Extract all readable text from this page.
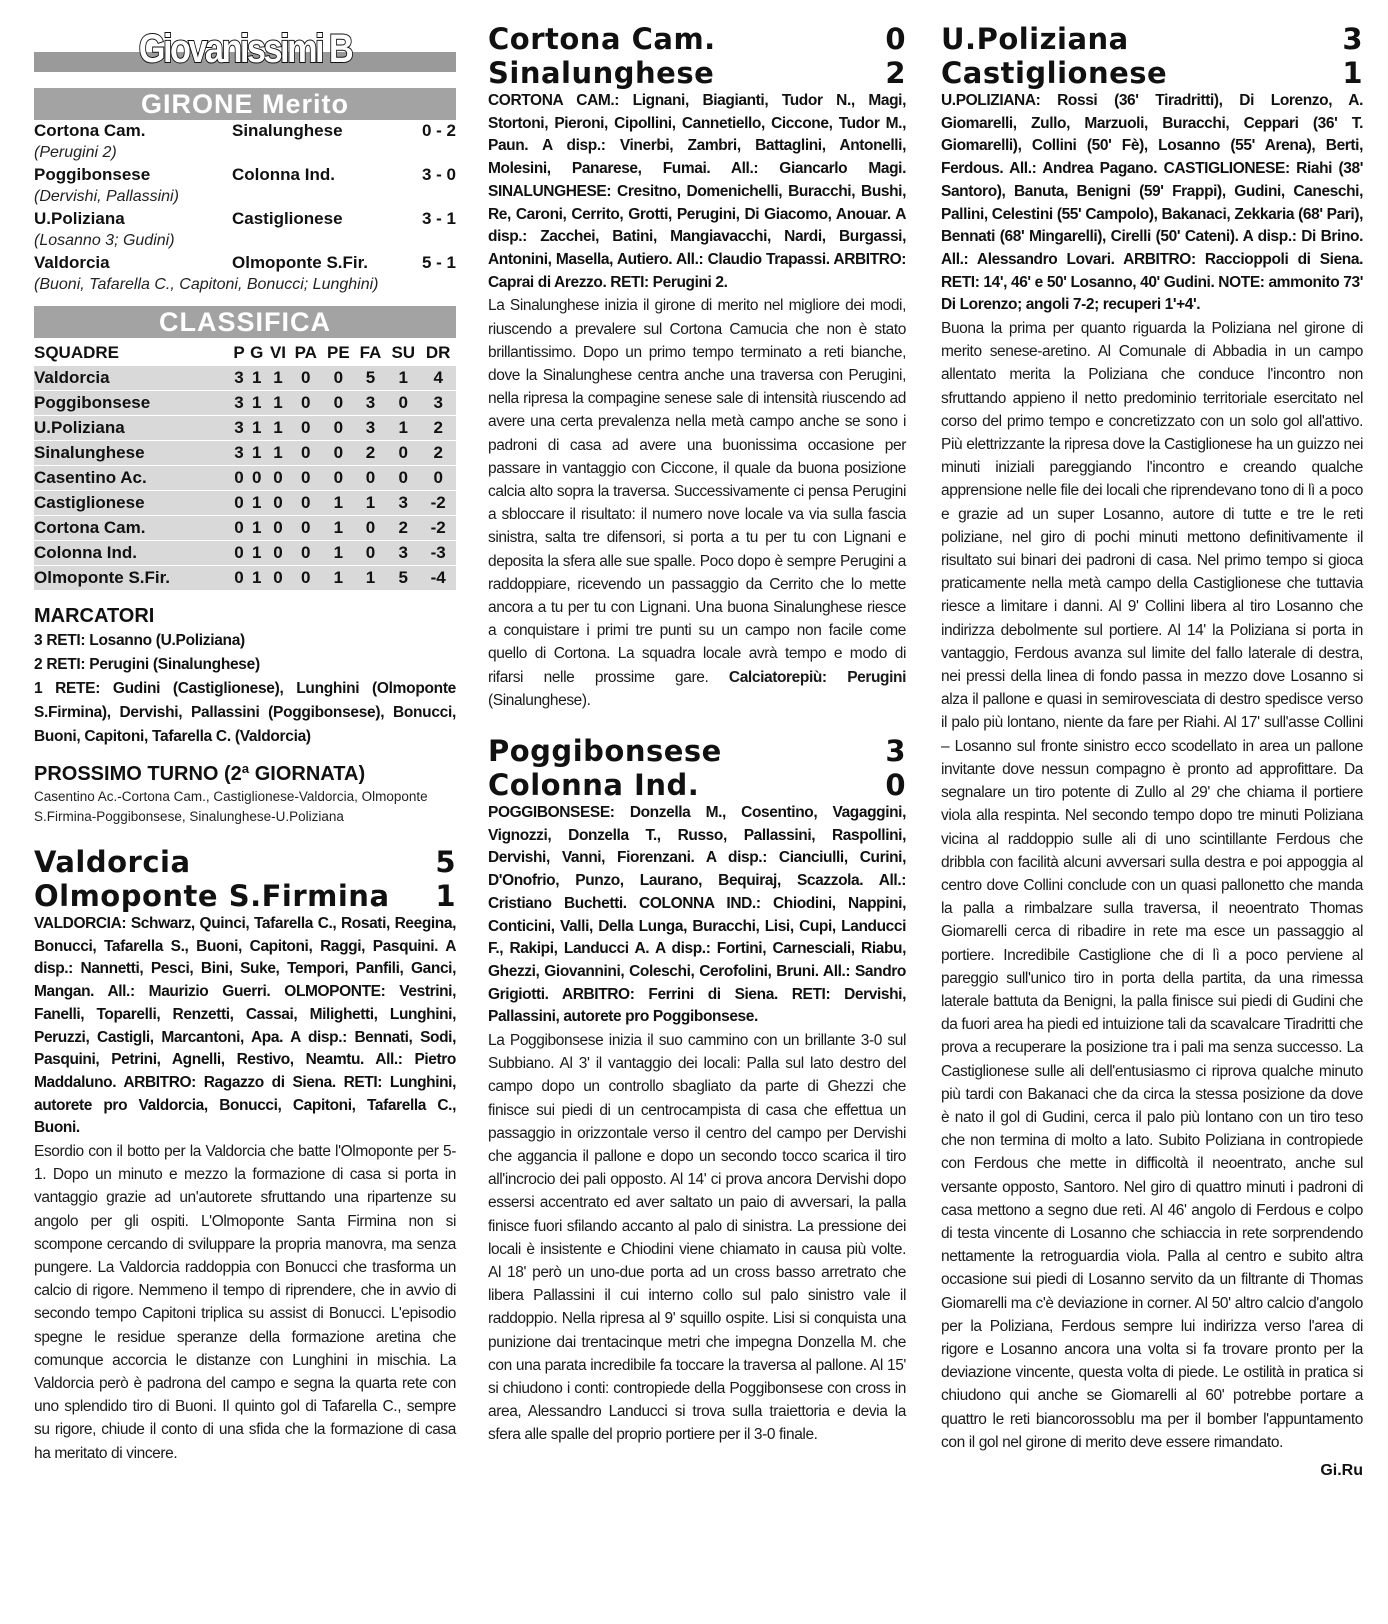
Giovanissimi B
GIRONE Merito
Cortona Cam.	Sinalunghese	0 - 2
(Perugini 2)
Poggibonsese	Colonna Ind.	3 - 0
(Dervishi, Pallassini)
U.Poliziana	Castiglionese	3 - 1
(Losanno 3; Gudini)
Valdorcia	Olmoponte S.Fir.	5 - 1
(Buoni, Tafarella C., Capitoni, Bonucci; Lunghini)
CLASSIFICA
SQUADRE	P	G	VI	PA	PE	FA	SU	DR
Valdorcia	3	1	1	0	0	5	1	4
Poggibonsese	3	1	1	0	0	3	0	3
U.Poliziana	3	1	1	0	0	3	1	2
Sinalunghese	3	1	1	0	0	2	0	2
Casentino Ac.	0	0	0	0	0	0	0	0
Castiglionese	0	1	0	0	1	1	3	-2
Cortona Cam.	0	1	0	0	1	0	2	-2
Colonna Ind.	0	1	0	0	1	0	3	-3
Olmoponte S.Fir.	0	1	0	0	1	1	5	-4
MARCATORI
3 RETI: Losanno (U.Poliziana)
2 RETI: Perugini (Sinalunghese)
1 RETE: Gudini (Castiglionese), Lunghini (Olmoponte S.Firmina), Dervishi, Pallassini (Poggibonsese), Bonucci, Buoni, Capitoni, Tafarella C. (Valdorcia)
PROSSIMO TURNO (2ª GIORNATA)
Casentino Ac.-Cortona Cam., Castiglionese-Valdorcia, Olmoponte S.Firmina-Poggibonsese, Sinalunghese-U.Poliziana
Valdorcia	5
Olmoponte S.Firmina 1
VALDORCIA: Schwarz, Quinci, Tafarella C., Rosati, Reegina, Bonucci, Tafarella S., Buoni, Capitoni, Raggi, Pasquini. A disp.: Nannetti, Pesci, Bini, Suke, Tempori, Panfili, Ganci, Mangan. All.: Maurizio Guerri. OLMOPONTE: Vestrini, Fanelli, Toparelli, Renzetti, Cassai, Milighetti, Lunghini, Peruzzi, Castigli, Marcantoni, Apa. A disp.: Bennati, Sodi, Pasquini, Petrini, Agnelli, Restivo, Neamtu. All.: Pietro Maddaluno. ARBITRO: Ragazzo di Siena. RETI: Lunghini, autorete pro Valdorcia, Bonucci, Capitoni, Tafarella C., Buoni.
Esordio con il botto per la Valdorcia che batte l'Olmoponte per 5-1. Dopo un minuto e mezzo la formazione di casa si porta in vantaggio grazie ad un'autorete sfruttando una ripartenze su angolo per gli ospiti. L'Olmoponte Santa Firmina non si scompone cercando di sviluppare la propria manovra, ma senza pungere. La Valdorcia raddoppia con Bonucci che trasforma un calcio di rigore. Nemmeno il tempo di riprendere, che in avvio di secondo tempo Capitoni triplica su assist di Bonucci. L'episodio spegne le residue speranze della formazione aretina che comunque accorcia le distanze con Lunghini in mischia. La Valdorcia però è padrona del campo e segna la quarta rete con uno splendido tiro di Buoni. Il quinto gol di Tafarella C., sempre su rigore, chiude il conto di una sfida che la formazione di casa ha meritato di vincere.
Cortona Cam.	0
Sinalunghese	2
CORTONA CAM.: Lignani, Biagianti, Tudor N., Magi, Stortoni, Pieroni, Cipollini, Cannetiello, Ciccone, Tudor M., Paun. A disp.: Vinerbi, Zambri, Battaglini, Antonelli, Molesini, Panarese, Fumai. All.: Giancarlo Magi. SINALUNGHESE: Cresitno, Domenichelli, Buracchi, Bushi, Re, Caroni, Cerrito, Grotti, Perugini, Di Giacomo, Anouar. A disp.: Zacchei, Batini, Mangiavacchi, Nardi, Burgassi, Antonini, Masella, Autiero. All.: Claudio Trapassi. ARBITRO: Caprai di Arezzo. RETI: Perugini 2.
La Sinalunghese inizia il girone di merito nel migliore dei modi, riuscendo a prevalere sul Cortona Camucia che non è stato brillantissimo. Dopo un primo tempo terminato a reti bianche, dove la Sinalunghese centra anche una traversa con Perugini, nella ripresa la compagine senese sale di intensità riuscendo ad avere una certa prevalenza nella metà campo anche se sono i padroni di casa ad avere una buonissima occasione per passare in vantaggio con Ciccone, il quale da buona posizione calcia alto sopra la traversa. Successivamente ci pensa Perugini a sbloccare il risultato: il numero nove locale va via sulla fascia sinistra, salta tre difensori, si porta a tu per tu con Lignani e deposita la sfera alle sue spalle. Poco dopo è sempre Perugini a raddoppiare, ricevendo un passaggio da Cerrito che lo mette ancora a tu per tu con Lignani. Una buona Sinalunghese riesce a conquistare i primi tre punti su un campo non facile come quello di Cortona. La squadra locale avrà tempo e modo di rifarsi nelle prossime gare. Calciatorepiù: Perugini (Sinalunghese).
Poggibonsese	3
Colonna Ind.	0
POGGIBONSESE: Donzella M., Cosentino, Vagaggini, Vignozzi, Donzella T., Russo, Pallassini, Raspollini, Dervishi, Vanni, Fiorenzani. A disp.: Cianciulli, Curini, D'Onofrio, Punzo, Laurano, Bequiraj, Scazzola. All.: Cristiano Buchetti. COLONNA IND.: Chiodini, Nappini, Conticini, Valli, Della Lunga, Buracchi, Lisi, Cupi, Landucci F., Rakipi, Landucci A. A disp.: Fortini, Carnesciali, Riabu, Ghezzi, Giovannini, Coleschi, Cerofolini, Bruni. All.: Sandro Grigiotti. ARBITRO: Ferrini di Siena. RETI: Dervishi, Pallassini, autorete pro Poggibonsese.
La Poggibonsese inizia il suo cammino con un brillante 3-0 sul Subbiano. Al 3' il vantaggio dei locali: Palla sul lato destro del campo dopo un controllo sbagliato da parte di Ghezzi che finisce sui piedi di un centrocampista di casa che effettua un passaggio in orizzontale verso il centro del campo per Dervishi che aggancia il pallone e dopo un secondo tocco scarica il tiro all'incrocio dei pali opposto. Al 14' ci prova ancora Dervishi dopo essersi accentrato ed aver saltato un paio di avversari, la palla finisce fuori sfilando accanto al palo di sinistra. La pressione dei locali è insistente e Chiodini viene chiamato in causa più volte. Al 18' però un uno-due porta ad un cross basso arretrato che libera Pallassini il cui interno collo sul palo sinistro vale il raddoppio. Nella ripresa al 9' squillo ospite. Lisi si conquista una punizione dai trentacinque metri che impegna Donzella M. che con una parata incredibile fa toccare la traversa al pallone. Al 15' si chiudono i conti: contropiede della Poggibonsese con cross in area, Alessandro Landucci si trova sulla traiettoria e devia la sfera alle spalle del proprio portiere per il 3-0 finale.
U.Poliziana	3
Castiglionese	1
U.POLIZIANA: Rossi (36' Tiradritti), Di Lorenzo, A. Giomarelli, Zullo, Marzuoli, Buracchi, Ceppari (36' T. Giomarelli), Collini (50' Fè), Losanno (55' Arena), Berti, Ferdous. All.: Andrea Pagano. CASTIGLIONESE: Riahi (38' Santoro), Banuta, Benigni (59' Frappi), Gudini, Caneschi, Pallini, Celestini (55' Campolo), Bakanaci, Zekkaria (68' Pari), Bennati (68' Mingarelli), Cirelli (50' Cateni). A disp.: Di Brino. All.: Alessandro Lovari. ARBITRO: Raccioppoli di Siena. RETI: 14', 46' e 50' Losanno, 40' Gudini. NOTE: ammonito 73' Di Lorenzo; angoli 7-2; recuperi 1'+4'.
Buona la prima per quanto riguarda la Poliziana nel girone di merito senese-aretino. Al Comunale di Abbadia in un campo allentato merita la Poliziana che conduce l'incontro non sfruttando appieno il netto predominio territoriale esercitato nel corso del primo tempo e concretizzato con un solo gol all'attivo. Più elettrizzante la ripresa dove la Castiglionese ha un guizzo nei minuti iniziali pareggiando l'incontro e creando qualche apprensione nelle file dei locali che riprendevano tono di lì a poco e grazie ad un super Losanno, autore di tutte e tre le reti poliziane, nel giro di pochi minuti mettono definitivamente il risultato sui binari dei padroni di casa. Nel primo tempo si gioca praticamente nella metà campo della Castiglionese che tuttavia riesce a limitare i danni. Al 9' Collini libera al tiro Losanno che indirizza debolmente sul portiere. Al 14' la Poliziana si porta in vantaggio, Ferdous avanza sul limite del fallo laterale di destra, nei pressi della linea di fondo passa in mezzo dove Losanno si alza il pallone e quasi in semirovesciata di destro spedisce verso il palo più lontano, niente da fare per Riahi. Al 17' sull'asse Collini – Losanno sul fronte sinistro ecco scodellato in area un pallone invitante dove nessun compagno è pronto ad approfittare. Da segnalare un tiro potente di Zullo al 29' che chiama il portiere viola alla respinta. Nel secondo tempo dopo tre minuti Poliziana vicina al raddoppio sulle ali di uno scintillante Ferdous che dribbla con facilità alcuni avversari sulla destra e poi appoggia al centro dove Collini conclude con un quasi pallonetto che manda la palla a rimbalzare sulla traversa, il neoentrato Thomas Giomarelli cerca di ribadire in rete ma esce un passaggio al portiere. Incredibile Castiglione che di lì a poco perviene al pareggio sull'unico tiro in porta della partita, da una rimessa laterale battuta da Benigni, la palla finisce sui piedi di Gudini che da fuori area ha piedi ed intuizione tali da scavalcare Tiradritti che prova a recuperare la posizione tra i pali ma senza successo. La Castiglionese sulle ali dell'entusiasmo ci riprova qualche minuto più tardi con Bakanaci che da circa la stessa posizione da dove è nato il gol di Gudini, cerca il palo più lontano con un tiro teso che non termina di molto a lato. Subito Poliziana in contropiede con Ferdous che mette in difficoltà il neoentrato, anche sul versante opposto, Santoro. Nel giro di quattro minuti i padroni di casa mettono a segno due reti. Al 46' angolo di Ferdous e colpo di testa vincente di Losanno che schiaccia in rete sorprendendo nettamente la retroguardia viola. Palla al centro e subito altra occasione sui piedi di Losanno servito da un filtrante di Thomas Giomarelli ma c'è deviazione in corner. Al 50' altro calcio d'angolo per la Poliziana, Ferdous sempre lui indirizza verso l'area di rigore e Losanno ancora una volta si fa trovare pronto per la deviazione vincente, questa volta di piede. Le ostilità in pratica si chiudono qui anche se Giomarelli al 60' potrebbe portare a quattro le reti biancorossoblu ma per il bomber l'appuntamento con il gol nel girone di merito deve essere rimandato.
Gi.Ru
